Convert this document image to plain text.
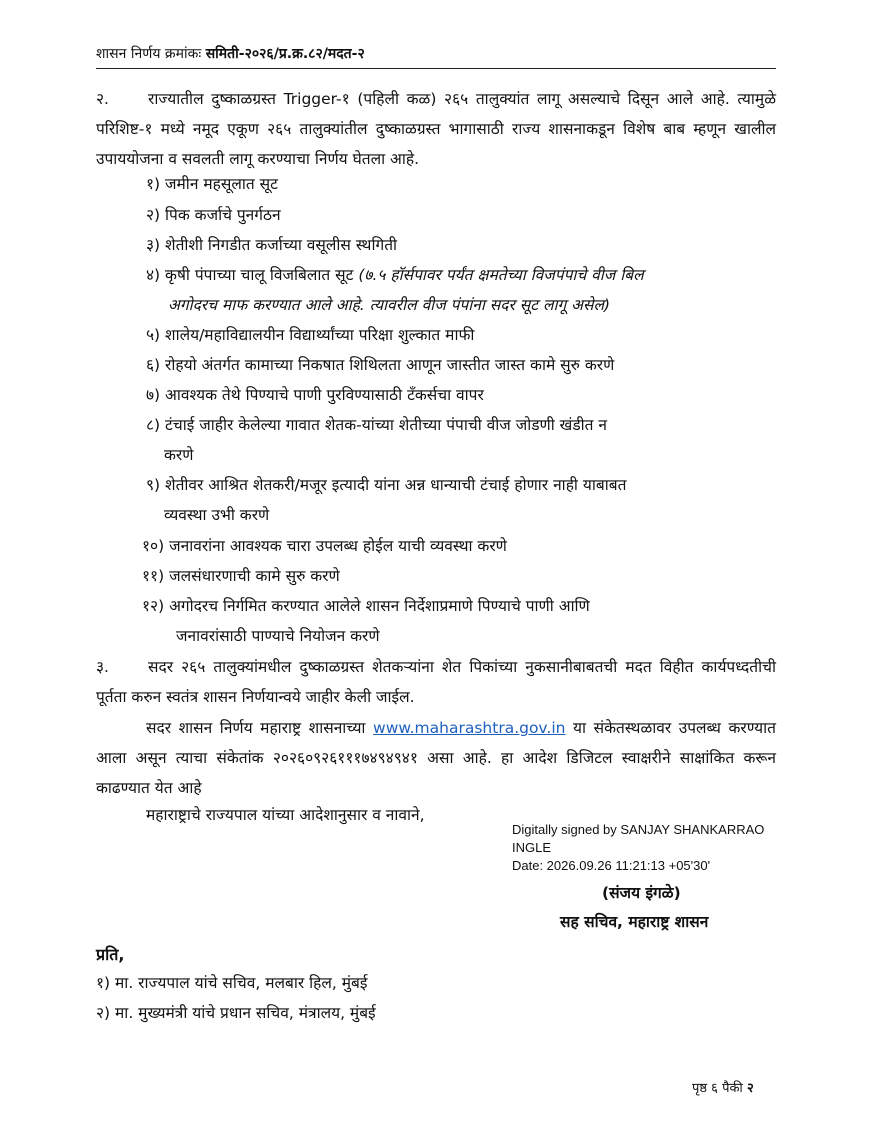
शासन निर्णय क्रमांकः समिती-२०२६/प्र.क्र.८२/मदत-२
२.	राज्यातील दुष्काळग्रस्त Trigger-१ (पहिली कळ) २६५ तालुक्यांत लागू असल्याचे दिसून आले आहे. त्यामुळे परिशिष्ट-१ मध्ये नमूद एकूण २६५ तालुक्यांतील दुष्काळग्रस्त भागासाठी राज्य शासनाकडून विशेष बाब म्हणून खालील उपाययोजना व सवलती लागू करण्याचा निर्णय घेतला आहे.
१) जमीन महसूलात सूट
२) पिक कर्जाचे पुनर्गठन
३) शेतीशी निगडीत कर्जाच्या वसूलीस स्थगिती
४) कृषी पंपाच्या चालू विजबिलात सूट (७.५ हॉर्सपावर पर्यंत क्षमतेच्या विजपंपाचे वीज बिल
अगोदरच माफ करण्यात आले आहे. त्यावरील वीज पंपांना सदर सूट लागू असेल)
५) शालेय/महाविद्यालयीन विद्यार्थ्यांच्या परिक्षा शुल्कात माफी
६) रोहयो अंतर्गत कामाच्या निकषात शिथिलता आणून जास्तीत जास्त कामे सुरु करणे
७) आवश्यक तेथे पिण्याचे पाणी पुरविण्यासाठी टँकर्सचा वापर
८) टंचाई जाहीर केलेल्या गावात शेतक-यांच्या शेतीच्या पंपाची वीज जोडणी खंडीत न
करणे
९) शेतीवर आश्रित शेतकरी/मजूर इत्यादी यांना अन्न धान्याची टंचाई होणार नाही याबाबत
व्यवस्था उभी करणे
१०) जनावरांना आवश्यक चारा उपलब्ध होईल याची व्यवस्था करणे
११) जलसंधारणाची कामे सुरु करणे
१२) अगोदरच निर्गमित करण्यात आलेले शासन निर्देशाप्रमाणे पिण्याचे पाणी आणि
जनावरांसाठी पाण्याचे नियोजन करणे
३.	सदर २६५ तालुक्यांमधील दुष्काळग्रस्त शेतकऱ्यांना शेत पिकांच्या नुकसानीबाबतची मदत विहीत कार्यपध्दतीची पूर्तता करुन स्वतंत्र शासन निर्णयान्वये जाहीर केली जाईल.
सदर शासन निर्णय महाराष्ट्र शासनाच्या www.maharashtra.gov.in या संकेतस्थळावर उपलब्ध करण्यात आला असून त्याचा संकेतांक २०२६०९२६१११७४९४९४१ असा आहे. हा आदेश डिजिटल स्वाक्षरीने साक्षांकित करून काढण्यात येत आहे
महाराष्ट्राचे राज्यपाल यांच्या आदेशानुसार व नावाने,
Digitally signed by SANJAY SHANKARRAO
INGLE
Date: 2026.09.26 11:21:13 +05'30'
(संजय इंगळे)
सह सचिव, महाराष्ट्र शासन
प्रति,
१) मा. राज्यपाल यांचे सचिव, मलबार हिल, मुंबई
२) मा. मुख्यमंत्री यांचे प्रधान सचिव, मंत्रालय, मुंबई
पृष्ठ ६ पैकी २
